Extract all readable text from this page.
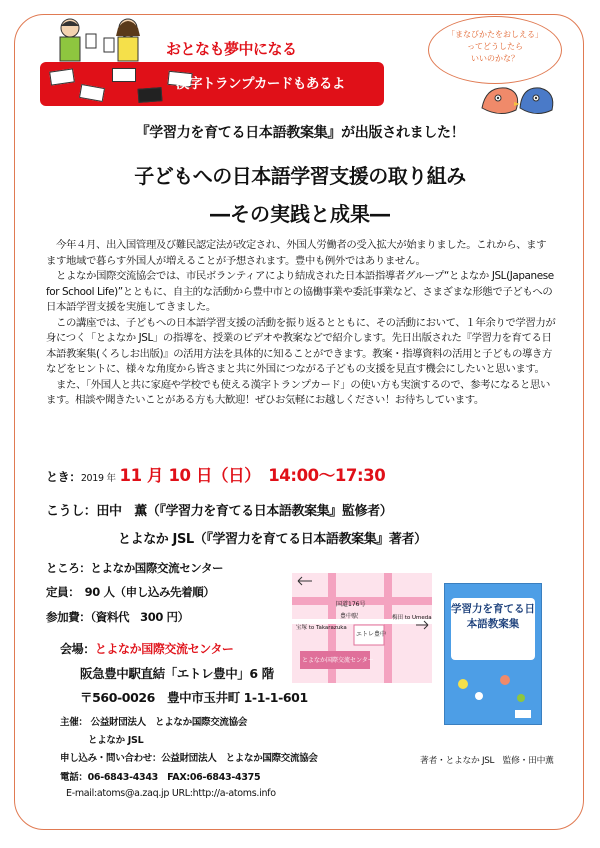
おとなも夢中になる
漢字トランプカードもあるよ
「まなびかたをおしえる」
ってどうしたら
いいのかな？
『学習力を育てる日本語教案集』が出版されました！
子どもへの日本語学習支援の取り組み
―その実践と成果―

今年４月、出入国管理及び難民認定法が改定され、外国人労働者の受入拡大が始まりました。これから、ますます地域で暮らす外国人が増えることが予想されます。豊中も例外ではありません。

とよなか国際交流協会では、市民ボランティアにより結成された日本語指導者グループ“とよなか JSL(Japanese for School Life)”とともに、自主的な活動から豊中市との協働事業や委託事業など、さまざまな形態で子どもへの日本語学習支援を実施してきました。

この講座では、子どもへの日本語学習支援の活動を振り返るとともに、その活動において、１年余りで学習力が身につく「とよなか JSL」の指導を、授業のビデオや教案などで紹介します。先日出版された『学習力を育てる日本語教案集(くろしお出版)』の活用方法を具体的に知ることができます。教案・指導資料の活用と子どもの導き方などをヒントに、様々な角度から皆さまと共に外国につながる子どもの支援を見直す機会にしたいと思います。

また、「外国人と共に家庭や学校でも使える漢字トランプカード」の使い方も実演するので、参考になると思います。相談や聞きたいことがある方も大歓迎！ぜひお気軽にお越しください！お待ちしています。

とき：2019 年 11 月 10 日（日）　14:00～17:30
こうし：田中　薫（『学習力を育てる日本語教案集』監修者）
とよなか JSL（『学習力を育てる日本語教案集』著者）
ところ：とよなか国際交流センター
定員：　90 人（申し込み先着順）
参加費：（資料代　300 円）
会場：とよなか国際交流センター
阪急豊中駅直結「エトレ豊中」6 階
〒560-0026　豊中市玉井町 1-1-1-601
主催： 公益財団法人　とよなか国際交流協会
とよなか JSL
申し込み・問い合わせ：公益財団法人　とよなか国際交流協会
電話：06-6843-4343　FAX:06-6843-4375
E-mail:atoms@a.zaq.jp URL:http://a-atoms.info
国道176号
豊中駅
エトレ豊中
とよなか国際交流センター
宝塚 to Takarazuka
梅田 to Umeda
学習力を育てる日本語教案集
著者・とよなか JSL　監修・田中薫
